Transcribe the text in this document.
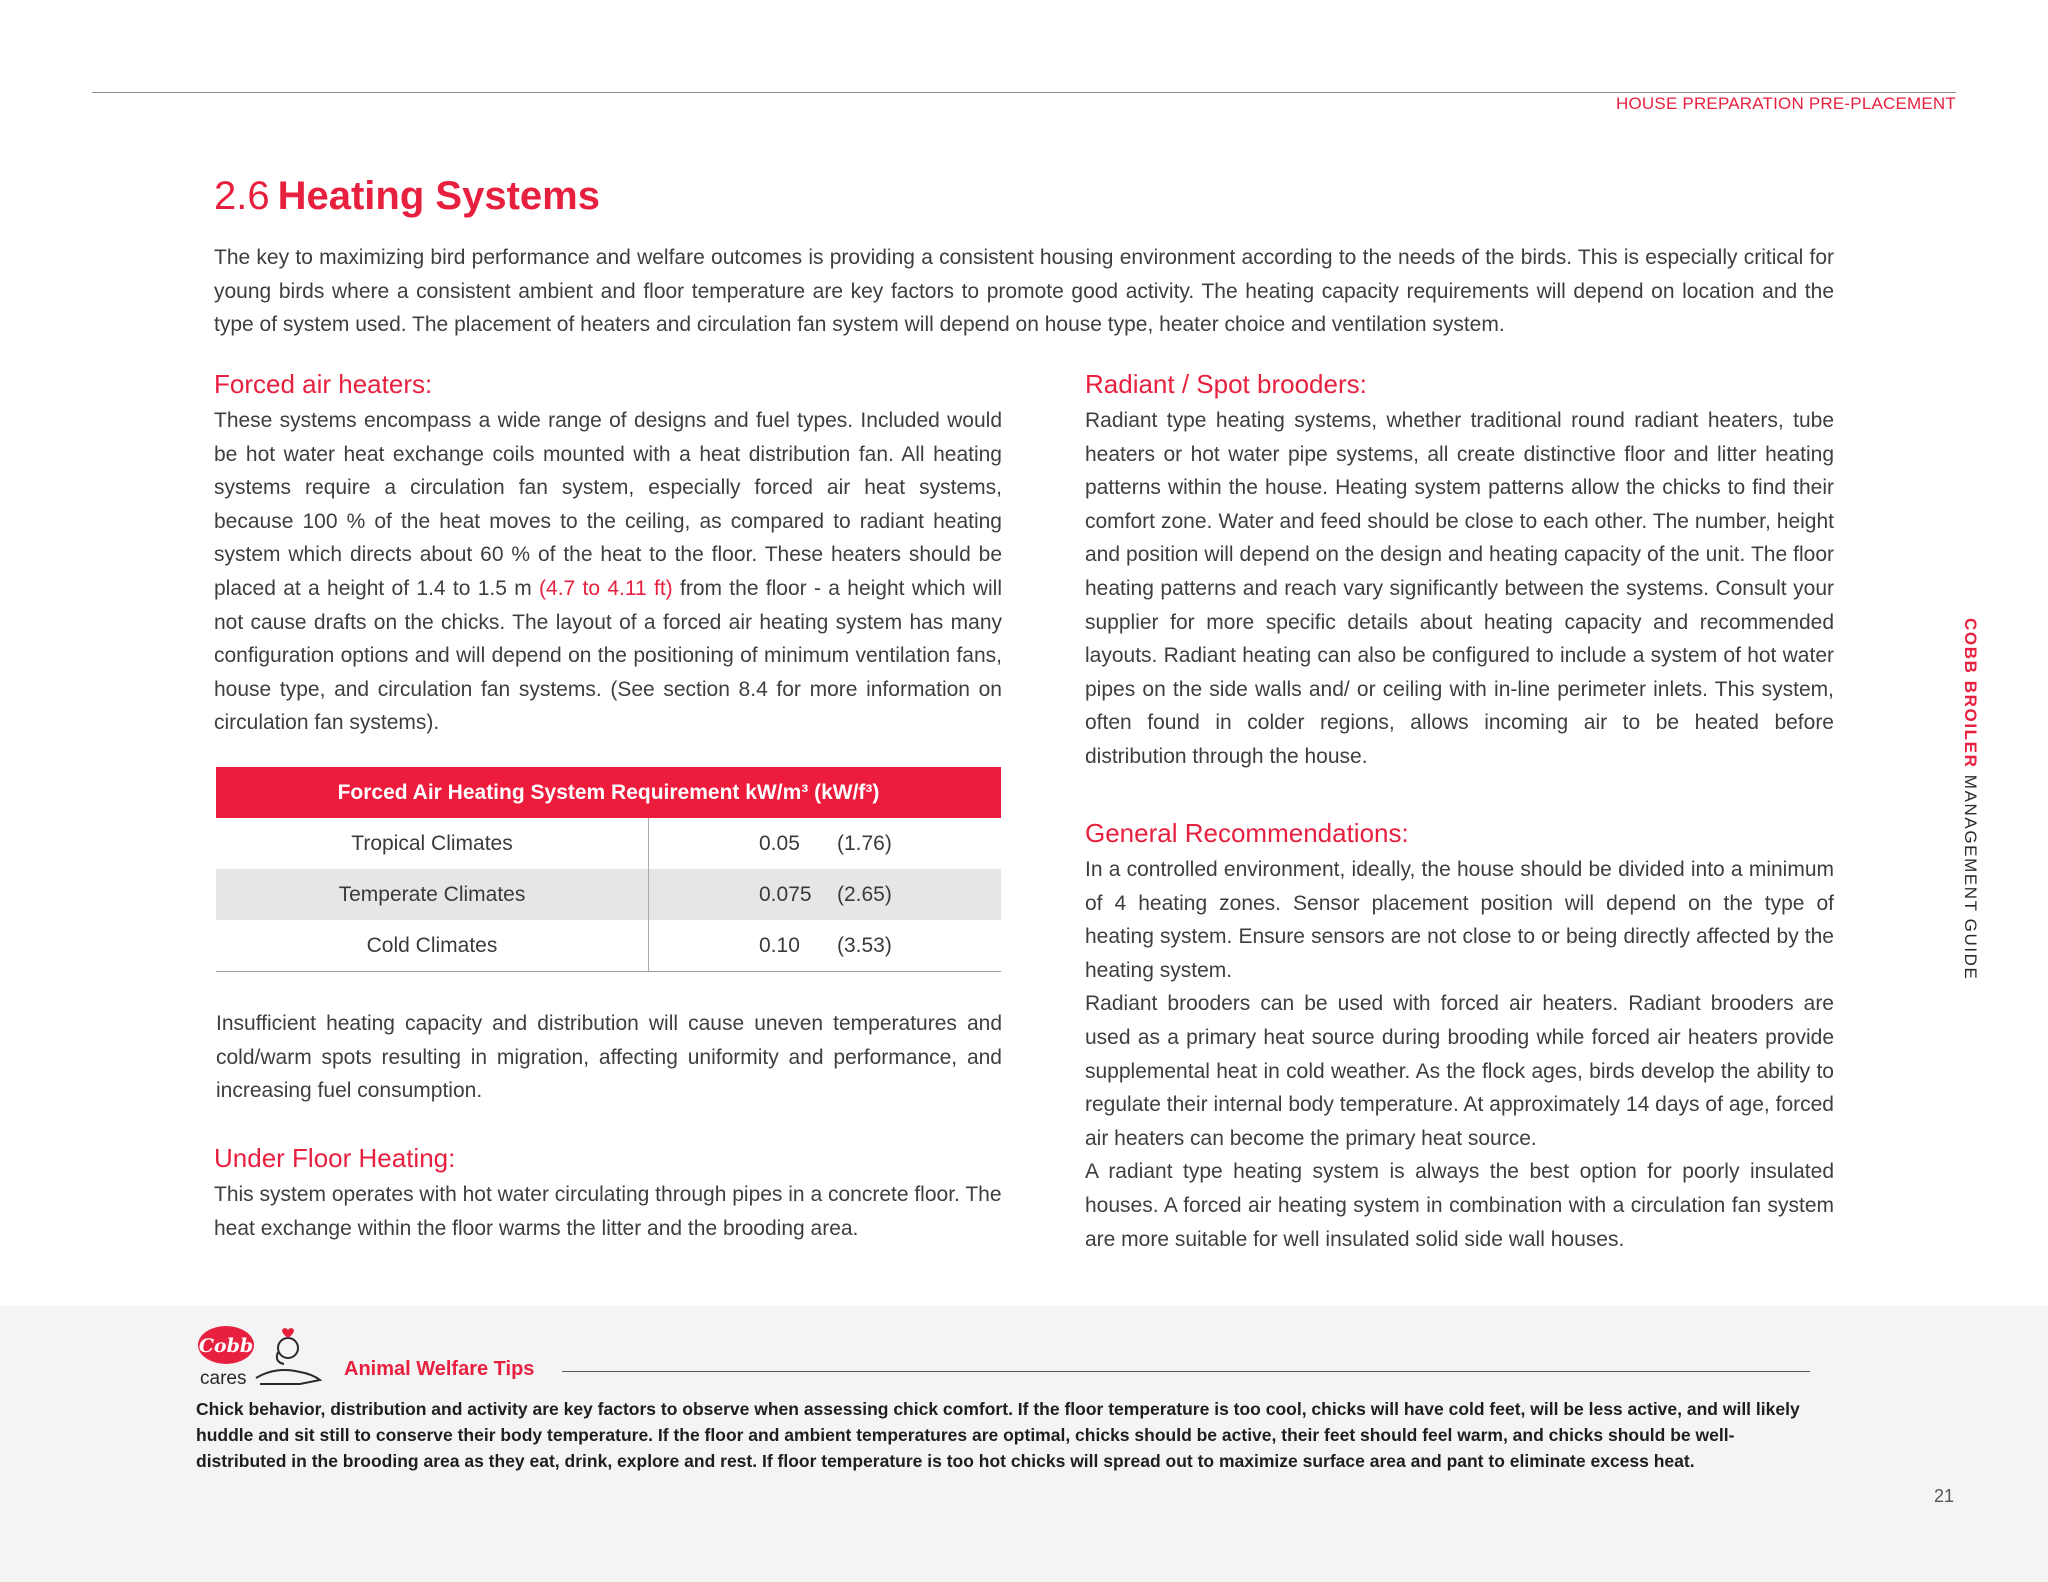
HOUSE PREPARATION PRE-PLACEMENT
2.6 Heating Systems

The key to maximizing bird performance and welfare outcomes is providing a consistent housing environment according to the needs of the birds. This is especially critical for young birds where a consistent ambient and floor temperature are key factors to promote good activity. The heating capacity requirements will depend on location and the type of system used. The placement of heaters and circulation fan system will depend on house type, heater choice and ventilation system.

Forced air heaters:

These systems encompass a wide range of designs and fuel types. Included would be hot water heat exchange coils mounted with a heat distribution fan. All heating systems require a circulation fan system, especially forced air heat systems, because 100 % of the heat moves to the ceiling, as compared to radiant heating system which directs about 60 % of the heat to the floor. These heaters should be placed at a height of 1.4 to 1.5 m (4.7 to 4.11 ft) from the floor - a height which will not cause drafts on the chicks. The layout of a forced air heating system has many configuration options and will depend on the positioning of minimum ventilation fans, house type, and circulation fan systems. (See section 8.4 for more information on circulation fan systems).

Forced Air Heating System Requirement kW/m³ (kW/f³)	
Tropical Climates	0.05 (1.76)
Temperate Climates	0.075 (2.65)
Cold Climates	0.10 (3.53)

Insufficient heating capacity and distribution will cause uneven temperatures and cold/warm spots resulting in migration, affecting uniformity and performance, and increasing fuel consumption.

Under Floor Heating:

This system operates with hot water circulating through pipes in a concrete floor. The heat exchange within the floor warms the litter and the brooding area.

Radiant / Spot brooders:

Radiant type heating systems, whether traditional round radiant heaters, tube heaters or hot water pipe systems, all create distinctive floor and litter heating patterns within the house. Heating system patterns allow the chicks to find their comfort zone. Water and feed should be close to each other. The number, height and position will depend on the design and heating capacity of the unit. The floor heating patterns and reach vary significantly between the systems. Consult your supplier for more specific details about heating capacity and recommended layouts. Radiant heating can also be configured to include a system of hot water pipes on the side walls and/ or ceiling with in-line perimeter inlets. This system, often found in colder regions, allows incoming air to be heated before distribution through the house.

General Recommendations:

In a controlled environment, ideally, the house should be divided into a minimum of 4 heating zones. Sensor placement position will depend on the type of heating system. Ensure sensors are not close to or being directly affected by the heating system.

Radiant brooders can be used with forced air heaters. Radiant brooders are used as a primary heat source during brooding while forced air heaters provide supplemental heat in cold weather. As the flock ages, birds develop the ability to regulate their internal body temperature. At approximately 14 days of age, forced air heaters can become the primary heat source.

A radiant type heating system is always the best option for poorly insulated houses. A forced air heating system in combination with a circulation fan system are more suitable for well insulated solid side wall houses.

COBB BROILER MANAGEMENT GUIDE
Cobb
cares	Animal Welfare Tips

Chick behavior, distribution and activity are key factors to observe when assessing chick comfort. If the floor temperature is too cool, chicks will have cold feet, will be less active, and will likely huddle and sit still to conserve their body temperature. If the floor and ambient temperatures are optimal, chicks should be active, their feet should feel warm, and chicks should be well-distributed in the brooding area as they eat, drink, explore and rest. If floor temperature is too hot chicks will spread out to maximize surface area and pant to eliminate excess heat.

21
